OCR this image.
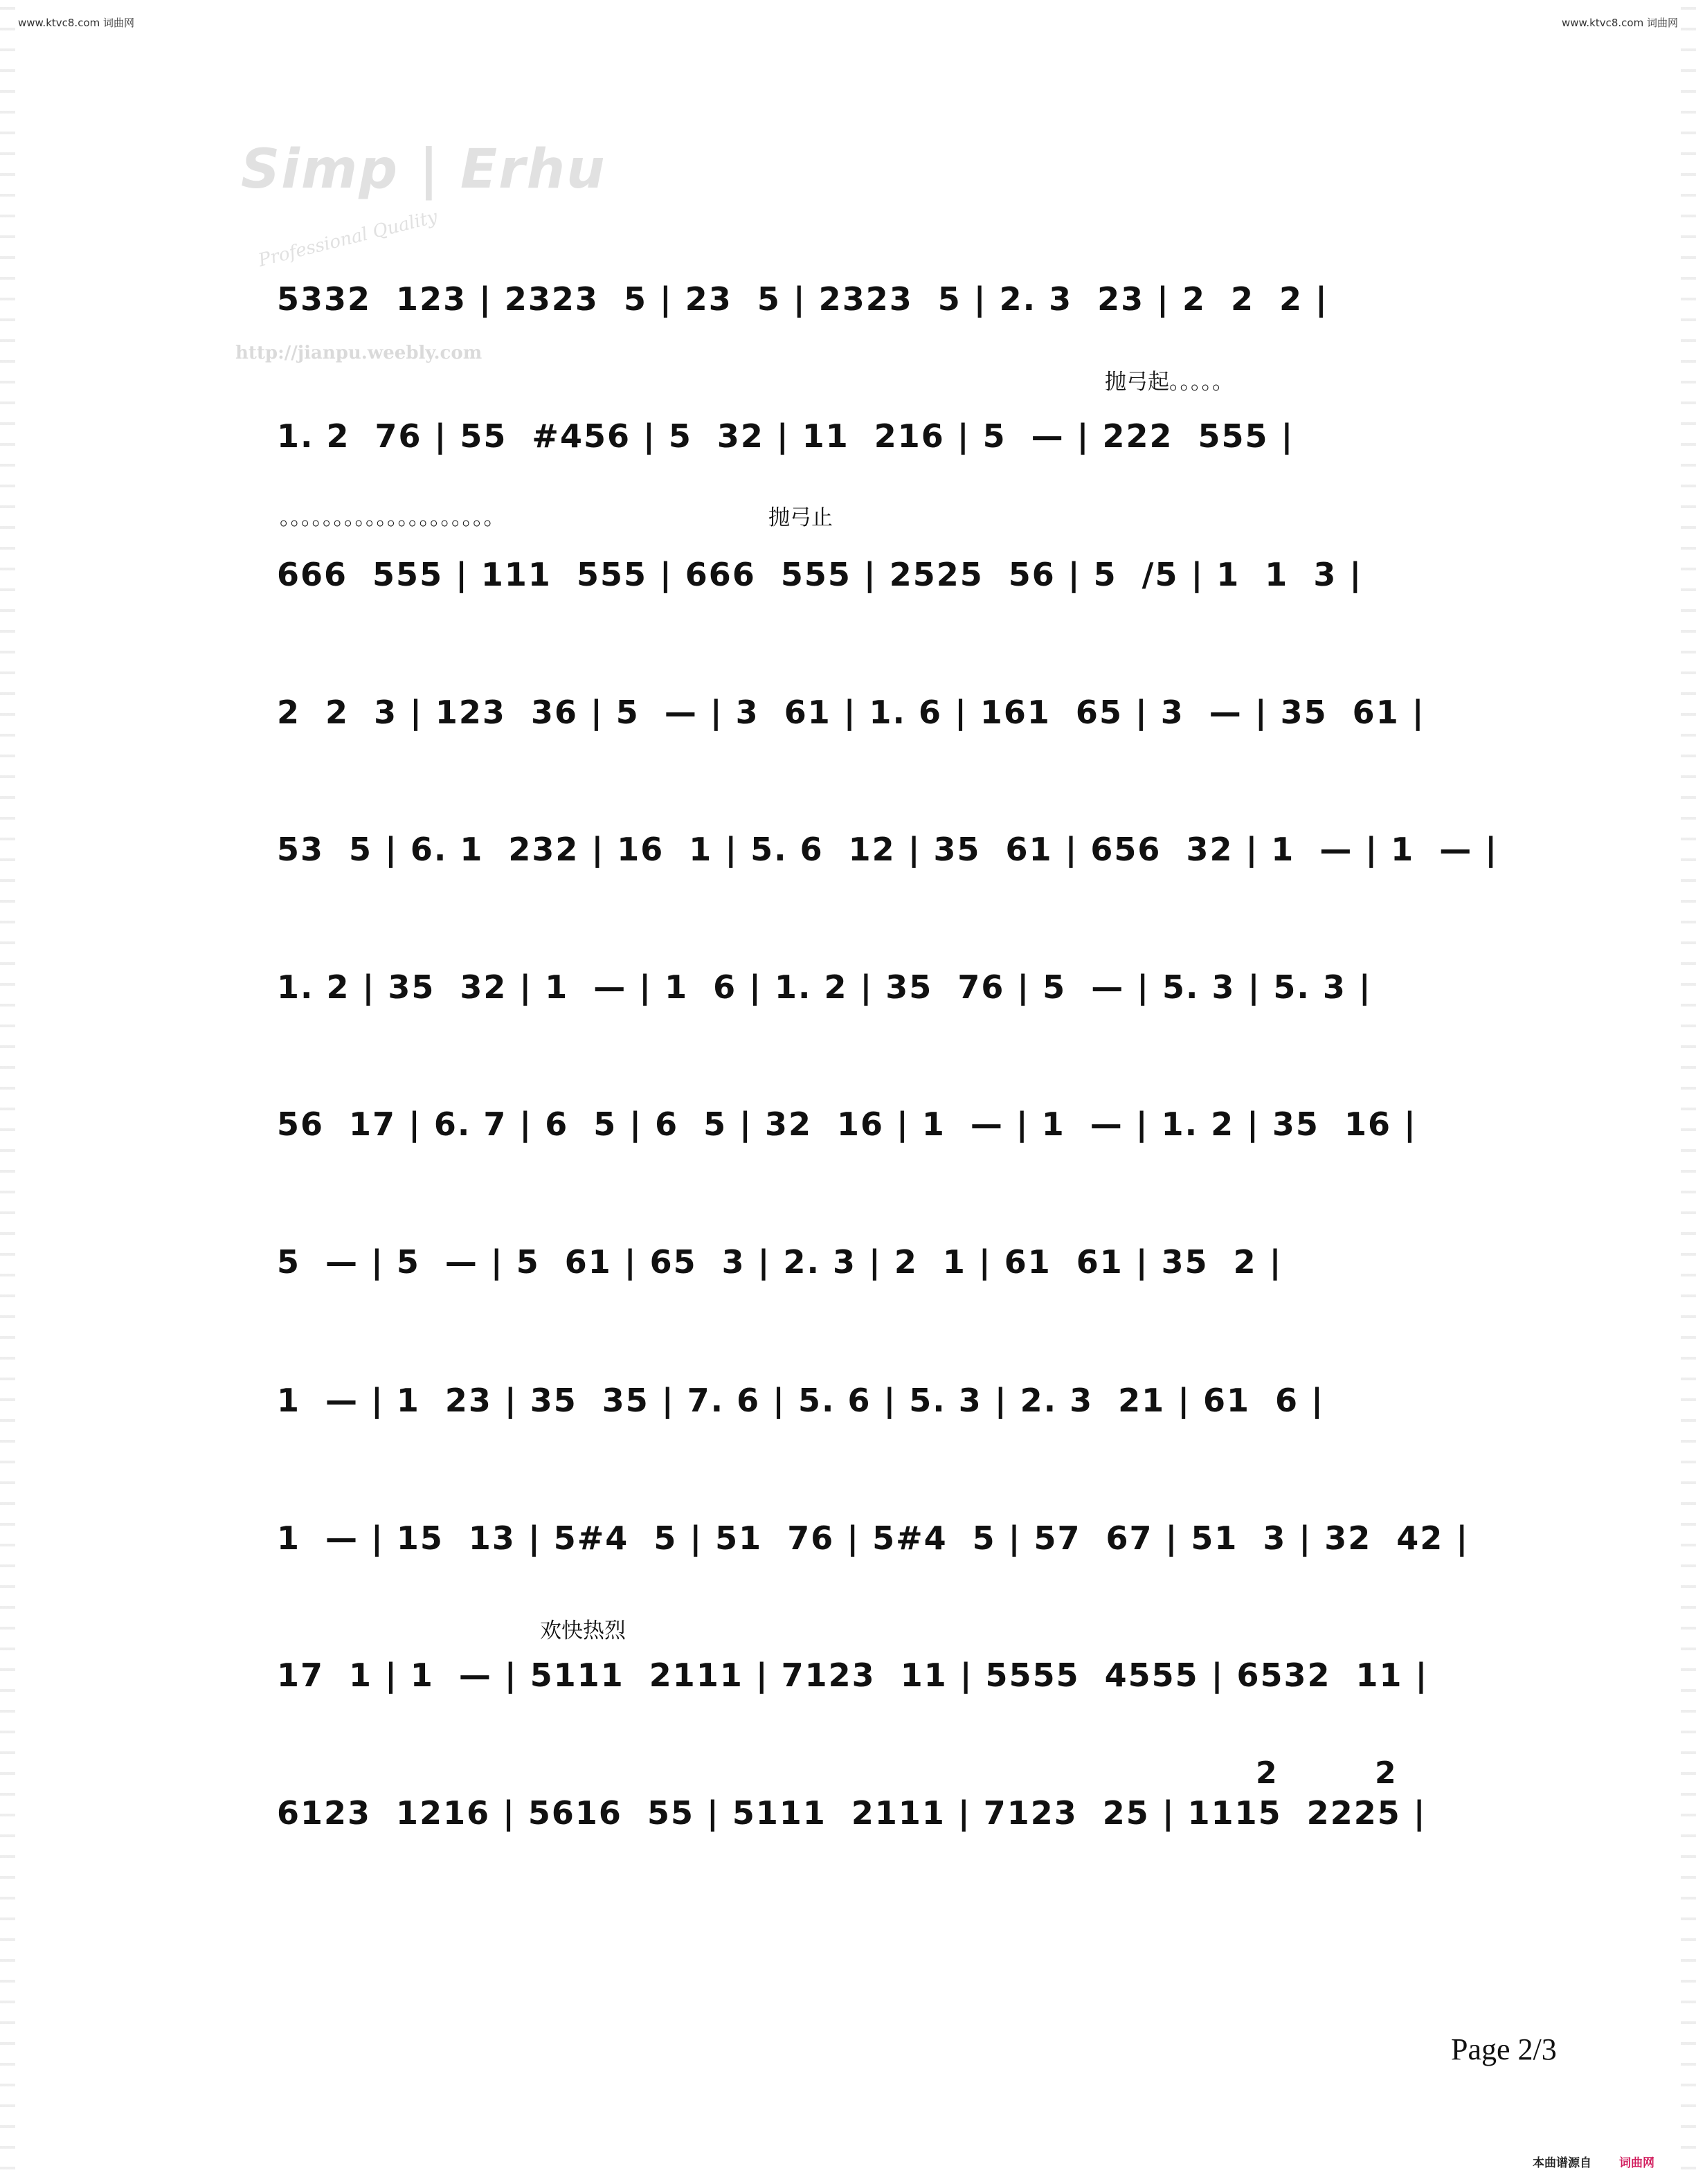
www.ktvc8.com 词曲网	www.ktvc8.com 词曲网
Simp | Erhu
Professional Quality
http://jianpu.weebly.com
抛弓起。。。。。
。。。。。。。。。。。。。。。。。。。。	抛弓止
欢快热烈
5332  123 | 2323  5 | 23  5 | 2323  5 | 2. 3  23 | 2  2  2 |
1. 2  76 | 55  #456 | 5  32 | 11  216 | 5  — | 222  555 |
666  555 | 111  555 | 666  555 | 2525  56 | 5  /5 | 1  1  3 |
2  2  3 | 123  36 | 5  — | 3  61 | 1. 6 | 161  65 | 3  — | 35  61 |
53  5 | 6. 1  232 | 16  1 | 5. 6  12 | 35  61 | 656  32 | 1  — | 1  — |
1. 2 | 35  32 | 1  — | 1  6 | 1. 2 | 35  76 | 5  — | 5. 3 | 5. 3 |
56  17 | 6. 7 | 6  5 | 6  5 | 32  16 | 1  — | 1  — | 1. 2 | 35  16 |
5  — | 5  — | 5  61 | 65  3 | 2. 3 | 2  1 | 61  61 | 35  2 |
1  — | 1  23 | 35  35 | 7. 6 | 5. 6 | 5. 3 | 2. 3  21 | 61  6 |
1  — | 15  13 | 5#4  5 | 51  76 | 5#4  5 | 57  67 | 51  3 | 32  42 |
17  1 | 1  — | 5111  2111 | 7123  11 | 5555  4555 | 6532  11 |
6123  1216 | 5616  55 | 5111  2111 | 7123  25 | 1115  2225 |
2	2
Page 2/3
本曲谱源自 词曲网
